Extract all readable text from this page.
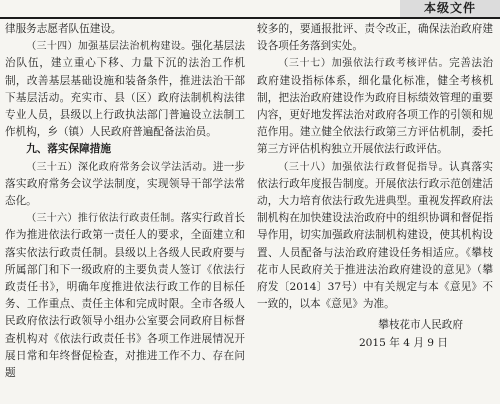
本级文件

律服务志愿者队伍建设。

（三十四）加强基层法治机构建设。强化基层法治队伍，建立重心下移、力量下沉的法治工作机制，改善基层基础设施和装备条件，推进法治干部下基层活动。充实市、县（区）政府法制机构法律专业人员，县级以上行政执法部门普遍设立法制工作机构，乡（镇）人民政府普遍配备法治员。

九、落实保障措施

（三十五）深化政府常务会议学法活动。进一步落实政府常务会议学法制度，实现领导干部学法常态化。

（三十六）推行依法行政责任制。落实行政首长作为推进依法行政第一责任人的要求，全面建立和落实依法行政责任制。县级以上各级人民政府要与所属部门和下一级政府的主要负责人签订《依法行政责任书》，明确年度推进依法行政工作的目标任务、工作重点、责任主体和完成时限。全市各级人民政府依法行政领导小组办公室要会同政府目标督查机构对《依法行政责任书》各项工作进展情况开展日常和年终督促检查，对推进工作不力、存在问题

较多的，要通报批评、责令改正，确保法治政府建设各项任务落到实处。

（三十七）加强依法行政考核评估。完善法治政府建设指标体系，细化量化标准，健全考核机制，把法治政府建设作为政府目标绩效管理的重要内容，更好地发挥法治对政府各项工作的引领和规范作用。建立健全依法行政第三方评估机制，委托第三方评估机构独立开展依法行政评估。

（三十八）加强依法行政督促指导。认真落实依法行政年度报告制度。开展依法行政示范创建活动，大力培育依法行政先进典型。重视发挥政府法制机构在加快建设法治政府中的组织协调和督促指导作用，切实加强政府法制机构建设，使其机构设置、人员配备与法治政府建设任务相适应。《攀枝花市人民政府关于推进法治政府建设的意见》（攀府发〔2014〕37号）中有关规定与本《意见》不一致的，以本《意见》为准。

攀枝花市人民政府
2015 年 4 月 9 日
